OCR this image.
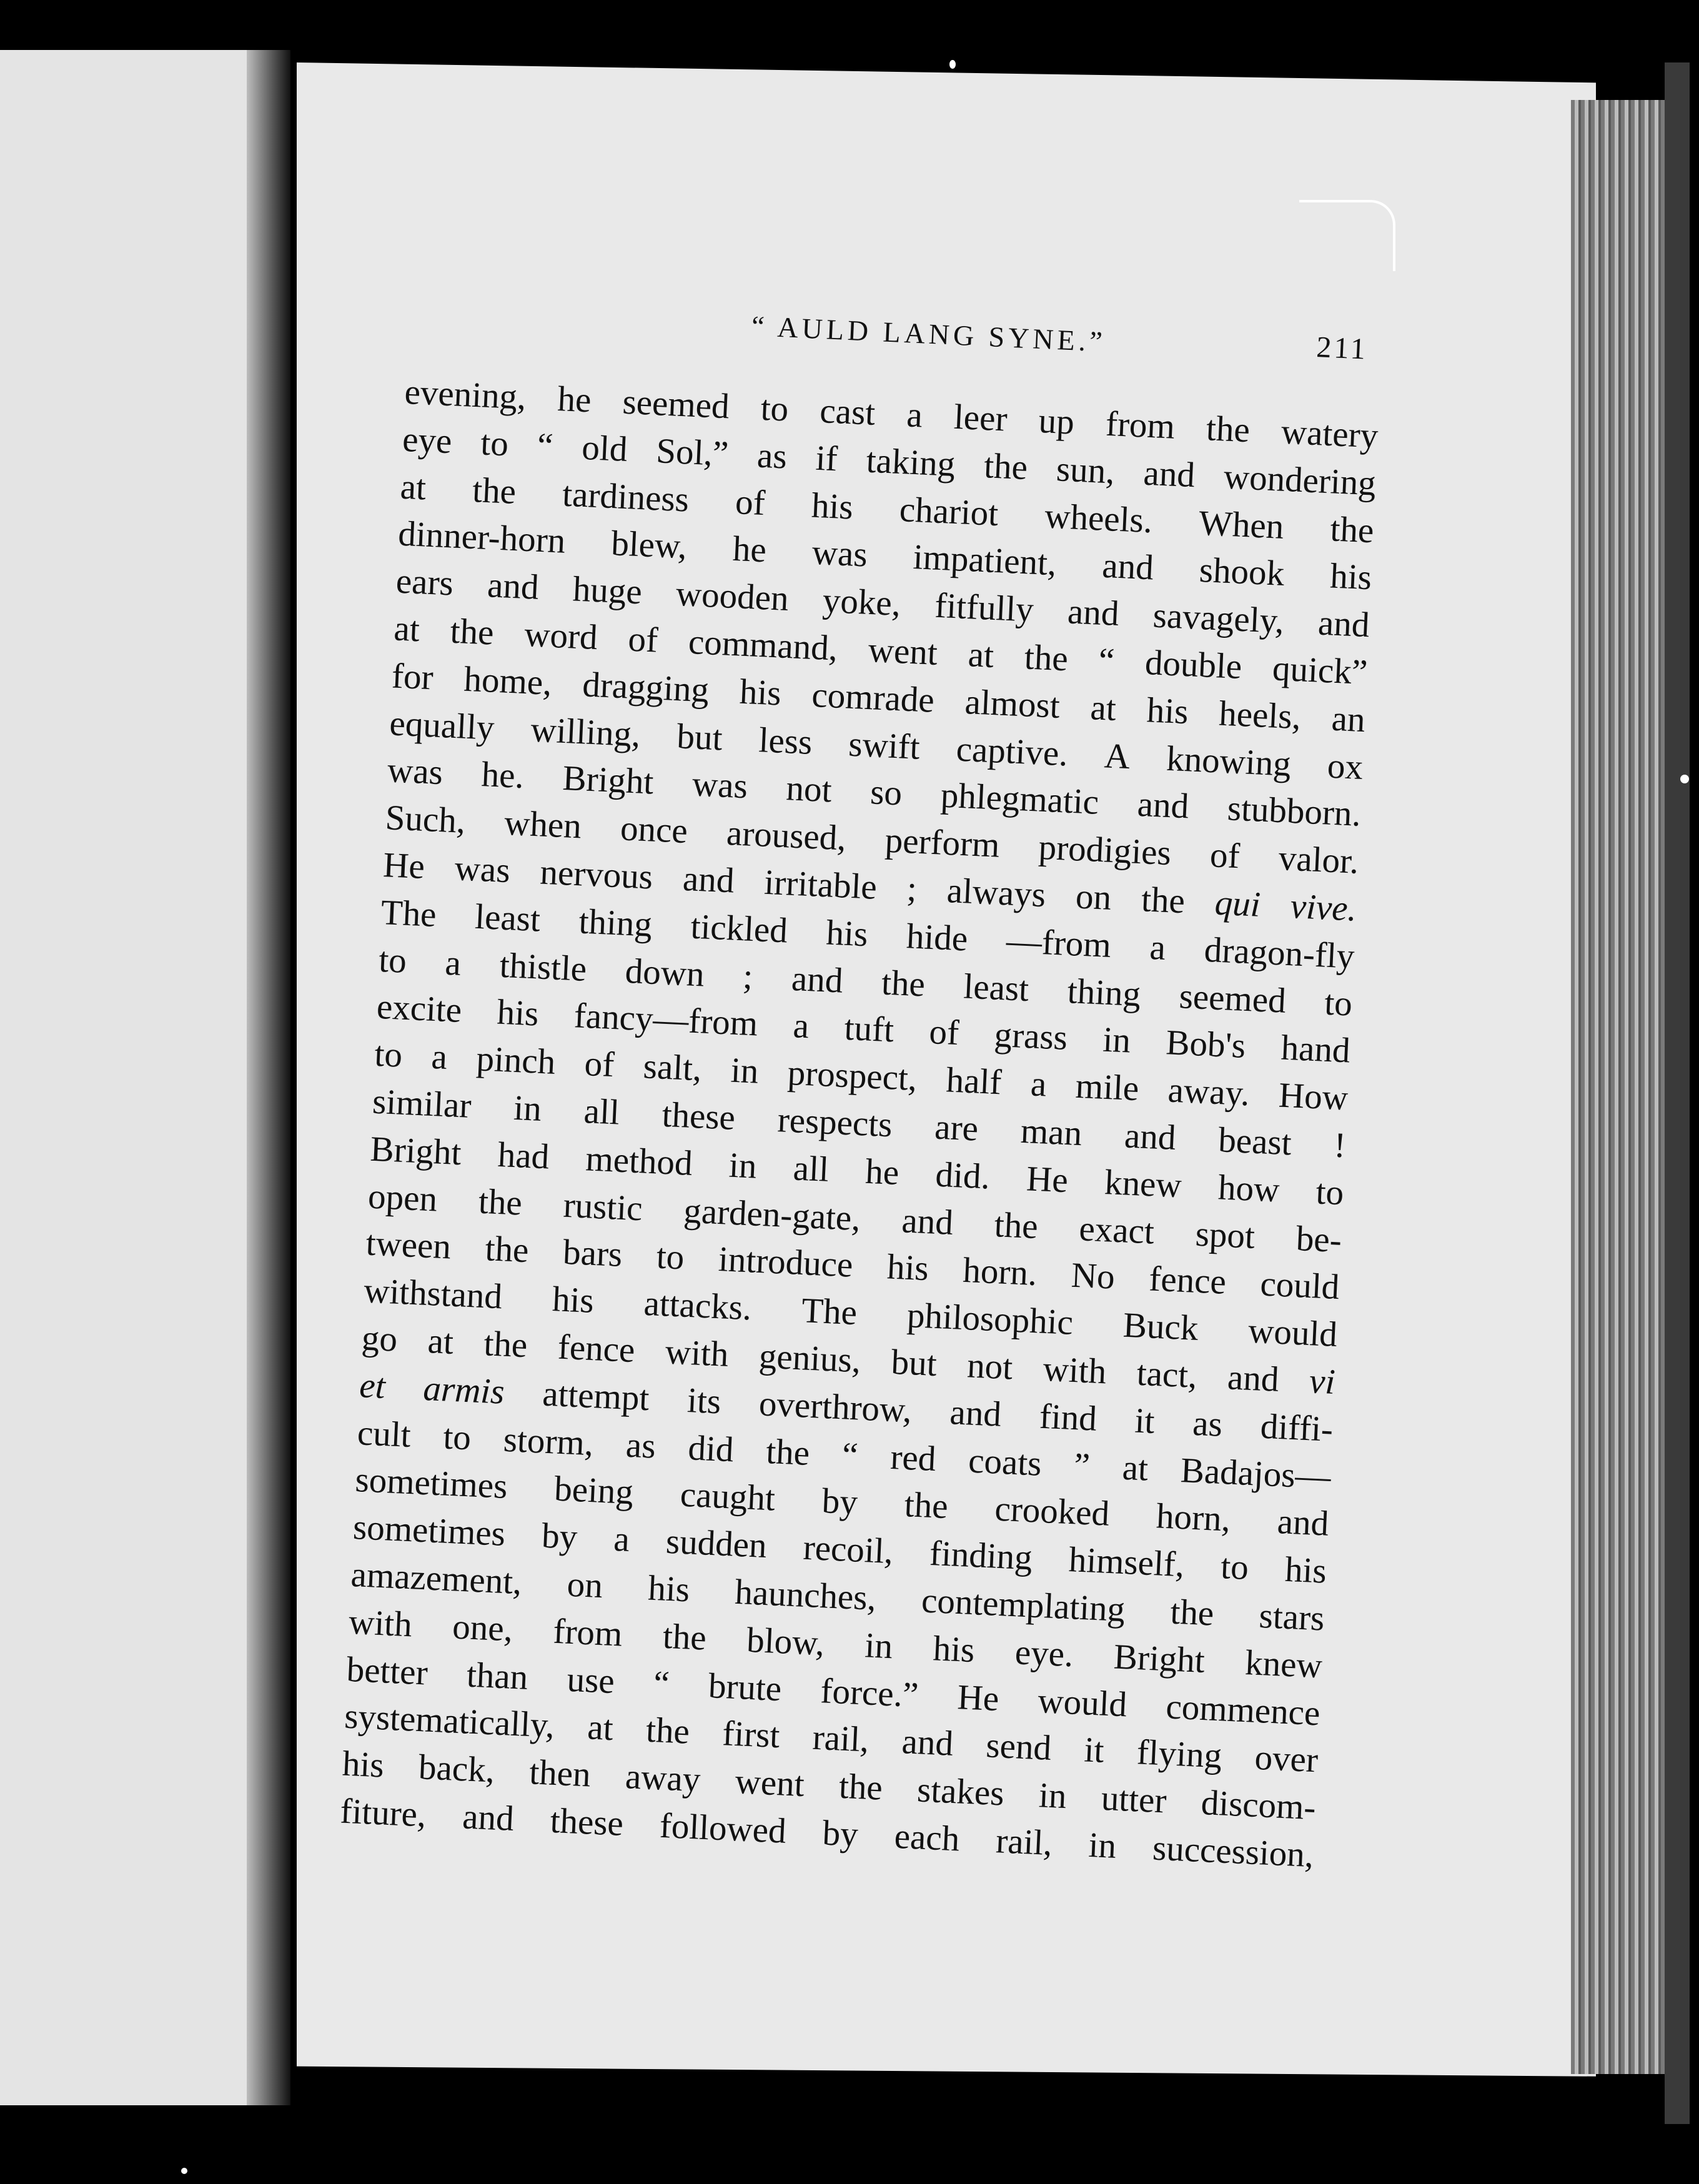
“ AULD LANG SYNE.”	211
evening, he seemed to cast a leer up from the watery
eye to “ old Sol,” as if taking the sun, and wondering
at the tardiness of his chariot wheels. When the
dinner-horn blew, he was impatient, and shook his
ears and huge wooden yoke, fitfully and savagely, and
at the word of command, went at the “ double quick”
for home, dragging his comrade almost at his heels, an
equally willing, but less swift captive. A knowing ox
was he. Bright was not so phlegmatic and stubborn.
Such, when once aroused, perform prodigies of valor.
He was nervous and irritable ; always on the qui vive.
The least thing tickled his hide —from a dragon-fly
to a thistle down ; and the least thing seemed to
excite his fancy—from a tuft of grass in Bob's hand
to a pinch of salt, in prospect, half a mile away. How
similar in all these respects are man and beast !
Bright had method in all he did. He knew how to
open the rustic garden-gate, and the exact spot be-
tween the bars to introduce his horn. No fence could
withstand his attacks. The philosophic Buck would
go at the fence with genius, but not with tact, and vi
et armis attempt its overthrow, and find it as diffi-
cult to storm, as did the “ red coats ” at Badajos—
sometimes being caught by the crooked horn, and
sometimes by a sudden recoil, finding himself, to his
amazement, on his haunches, contemplating the stars
with one, from the blow, in his eye. Bright knew
better than use “ brute force.” He would commence
systematically, at the first rail, and send it flying over
his back, then away went the stakes in utter discom-
fiture, and these followed by each rail, in succession,
